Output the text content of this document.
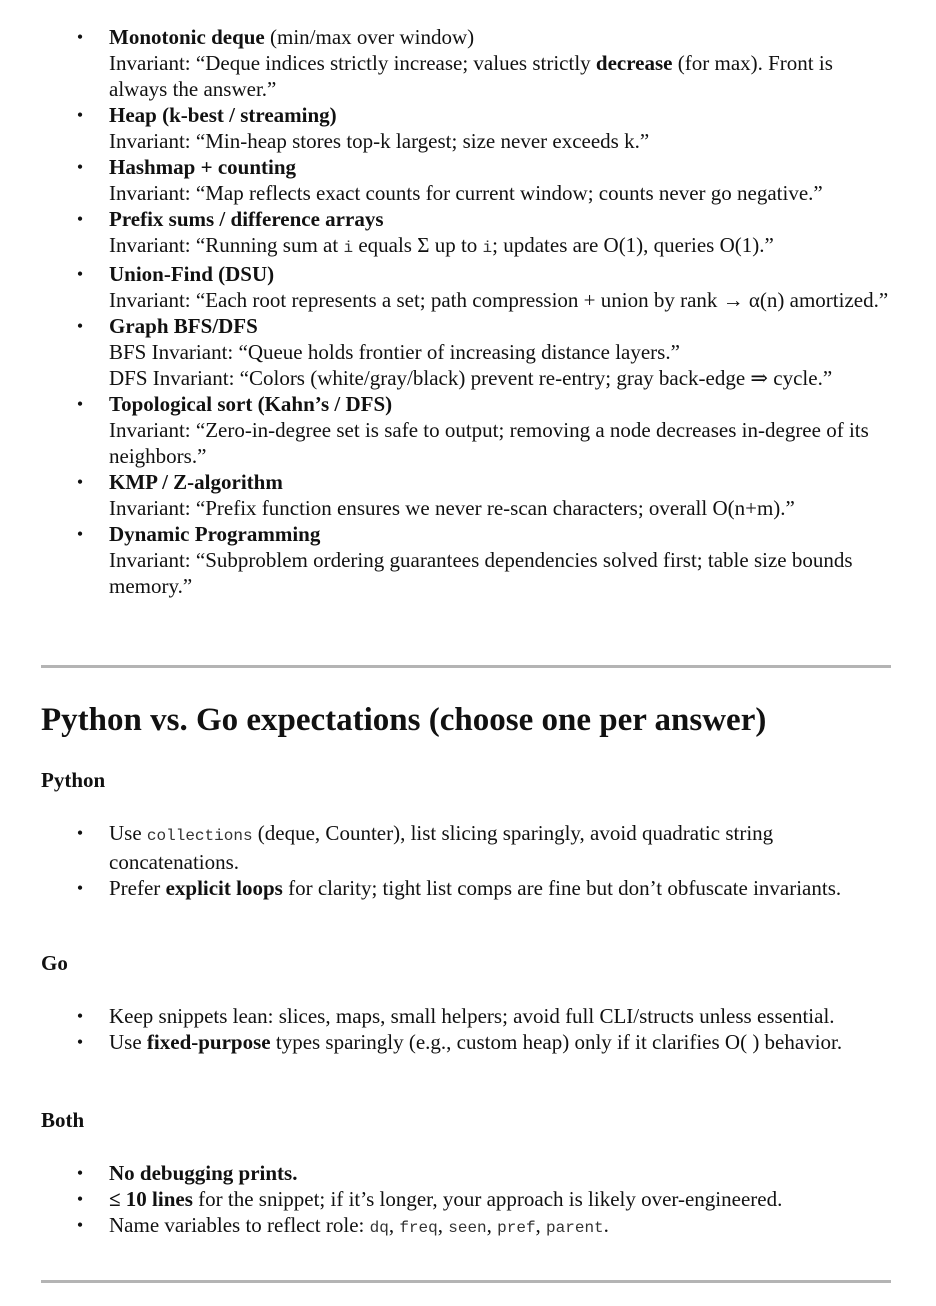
• Monotonic deque (min/max over window)
Invariant: “Deque indices strictly increase; values strictly decrease (for max). Front is always the answer.”
• Heap (k-best / streaming)
Invariant: “Min-heap stores top-k largest; size never exceeds k.”
• Hashmap + counting
Invariant: “Map reflects exact counts for current window; counts never go negative.”
• Prefix sums / difference arrays
Invariant: “Running sum at i equals Σ up to i; updates are O(1), queries O(1).”
• Union-Find (DSU)
Invariant: “Each root represents a set; path compression + union by rank → α(n) amortized.”
• Graph BFS/DFS
BFS Invariant: “Queue holds frontier of increasing distance layers.”
DFS Invariant: “Colors (white/gray/black) prevent re-entry; gray back-edge ⇒ cycle.”
• Topological sort (Kahn’s / DFS)
Invariant: “Zero-in-degree set is safe to output; removing a node decreases in-degree of its neighbors.”
• KMP / Z-algorithm
Invariant: “Prefix function ensures we never re-scan characters; overall O(n+m).”
• Dynamic Programming
Invariant: “Subproblem ordering guarantees dependencies solved first; table size bounds memory.”
Python vs. Go expectations (choose one per answer)
Python
• Use collections (deque, Counter), list slicing sparingly, avoid quadratic string concatenations.
• Prefer explicit loops for clarity; tight list comps are fine but don’t obfuscate invariants.
Go
• Keep snippets lean: slices, maps, small helpers; avoid full CLI/structs unless essential.
• Use fixed-purpose types sparingly (e.g., custom heap) only if it clarifies O( ) behavior.
Both
• No debugging prints.
• ≤ 10 lines for the snippet; if it’s longer, your approach is likely over-engineered.
• Name variables to reflect role: dq, freq, seen, pref, parent.
